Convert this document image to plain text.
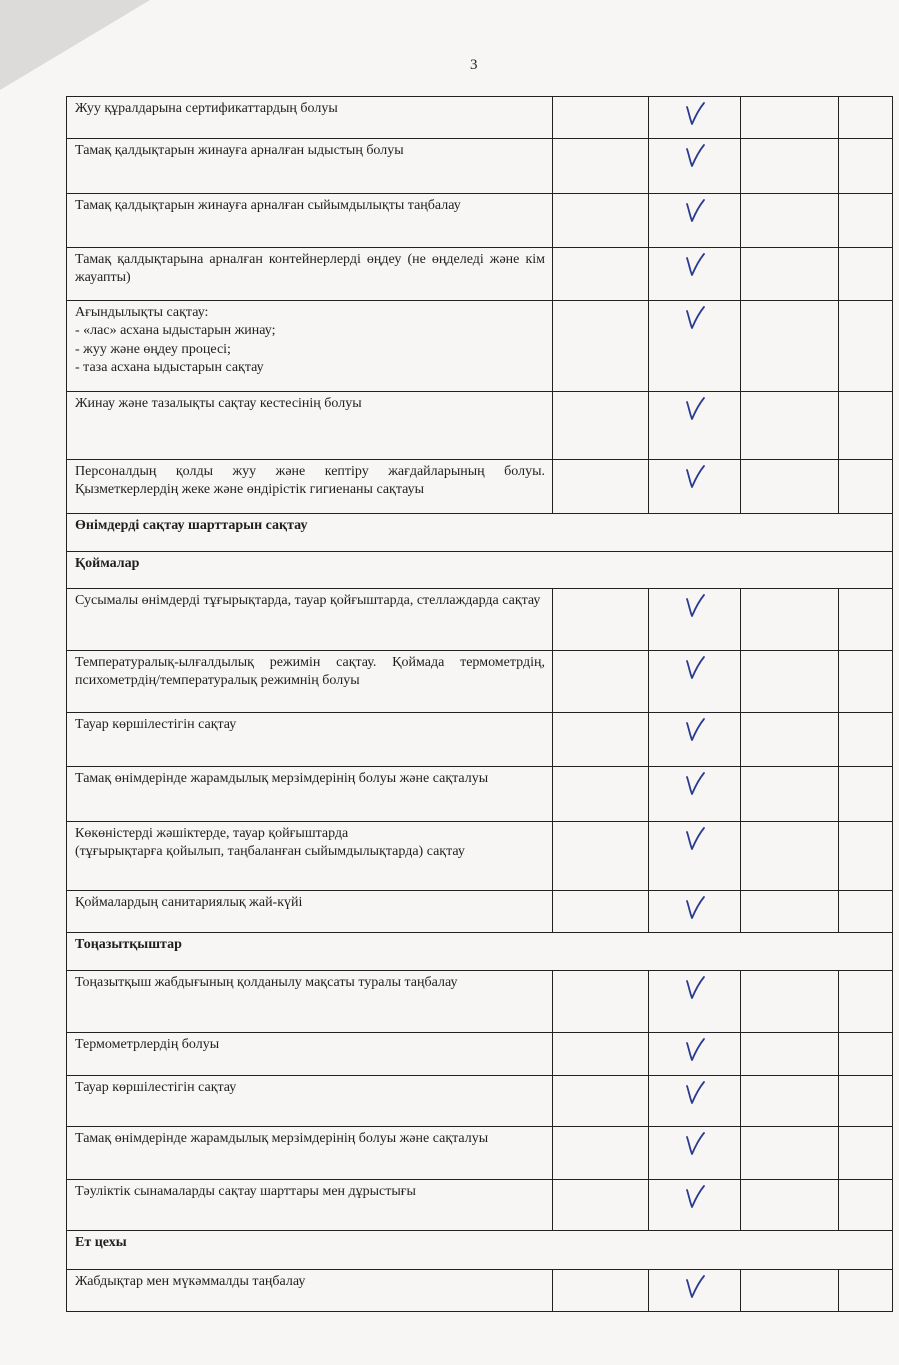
3
Жуу құралдарына сертификаттардың болуы				
Тамақ қалдықтарын жинауға арналған ыдыстың болуы				
Тамақ қалдықтарын жинауға арналған сыйымдылықты таңбалау				
Тамақ қалдықтарына арналған контейнерлерді өңдеу (не өңделеді және кім жауапты)				

Ағындылықты сақтау:
- «лас» асхана ыдыстарын жинау;
- жуу және өңдеу процесі;
- таза асхана ыдыстарын сақтау

Жинау және тазалықты сақтау кестесінің болуы				
Персоналдың қолды жуу және кептіру жағдайларының болуы. Қызметкерлердің жеке және өндірістік гигиенаны сақтауы				
Өнімдерді сақтау шарттарын сақтау				
Қоймалар				
Сусымалы өнімдерді тұғырықтарда, тауар қойғыштарда, стеллаждарда сақтау				
Температуралық-ылғалдылық режимін сақтау. Қоймада термометрдің, психометрдің/температуралық режимнің болуы				
Тауар көршілестігін сақтау				
Тамақ өнімдерінде жарамдылық мерзімдерінің болуы және сақталуы				

Көкөністерді жәшіктерде, тауар қойғыштарда
(тұғырықтарға қойылып, таңбаланған сыйымдылықтарда) сақтау

Қоймалардың санитариялық жай-күйі				
Тоңазытқыштар				
Тоңазытқыш жабдығының қолданылу мақсаты туралы таңбалау				
Термометрлердің болуы				
Тауар көршілестігін сақтау				
Тамақ өнімдерінде жарамдылық мерзімдерінің болуы және сақталуы				
Тәуліктік сынамаларды сақтау шарттары мен дұрыстығы				
Ет цехы				
Жабдықтар мен мүкәммалды таңбалау				
